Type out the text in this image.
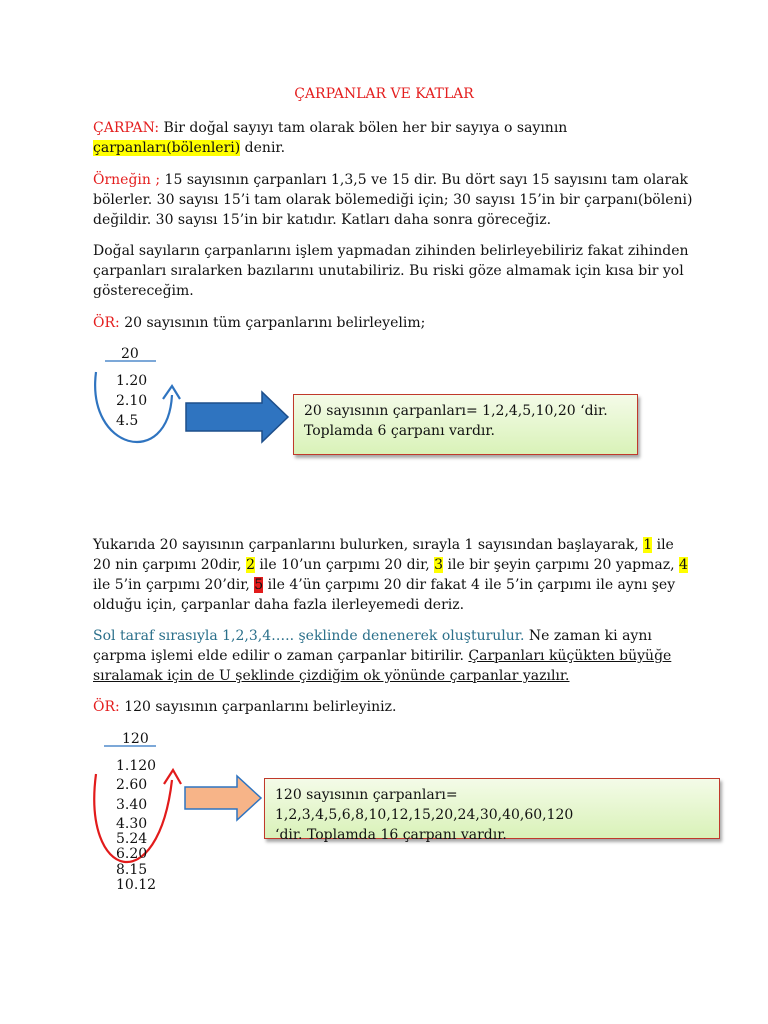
ÇARPANLAR VE KATLAR
ÇARPAN: Bir doğal sayıyı tam olarak bölen her bir sayıya o sayının çarpanları(bölenleri) denir.
Örneğin ; 15 sayısının çarpanları 1,3,5 ve 15 dir. Bu dört sayı 15 sayısını tam olarak bölerler. 30 sayısı 15’i tam olarak bölemediği için; 30 sayısı 15’in bir çarpanı(böleni) değildir. 30 sayısı 15’in bir katıdır. Katları daha sonra göreceğiz.
Doğal sayıların çarpanlarını işlem yapmadan zihinden belirleyebiliriz fakat zihinden çarpanları sıralarken bazılarını unutabiliriz. Bu riski göze almamak için kısa bir yol göstereceğim.
ÖR: 20 sayısının tüm çarpanlarını belirleyelim;
20
1.20
2.10
4.5
20 sayısının çarpanları= 1,2,4,5,10,20 ‘dir.
Toplamda 6 çarpanı vardır.
Yukarıda 20 sayısının çarpanlarını bulurken, sırayla 1 sayısından başlayarak, 1 ile 20 nin çarpımı 20dir, 2 ile 10’un çarpımı 20 dir, 3 ile bir şeyin çarpımı 20 yapmaz, 4 ile 5’in çarpımı 20’dir, 5 ile 4’ün çarpımı 20 dir fakat 4 ile 5’in çarpımı ile aynı şey olduğu için, çarpanlar daha fazla ilerleyemedi deriz.
Sol taraf sırasıyla 1,2,3,4….. şeklinde denenerek oluşturulur. Ne zaman ki aynı çarpma işlemi elde edilir o zaman çarpanlar bitirilir. Çarpanları küçükten büyüğe sıralamak için de U şeklinde çizdiğim ok yönünde çarpanlar yazılır.
ÖR: 120 sayısının çarpanlarını belirleyiniz.
120
1.120
2.60
3.40
4.30
5.24
6.20
8.15
10.12
120 sayısının çarpanları= 1,2,3,4,5,6,8,10,12,15,20,24,30,40,60,120
‘dir. Toplamda 16 çarpanı vardır.
